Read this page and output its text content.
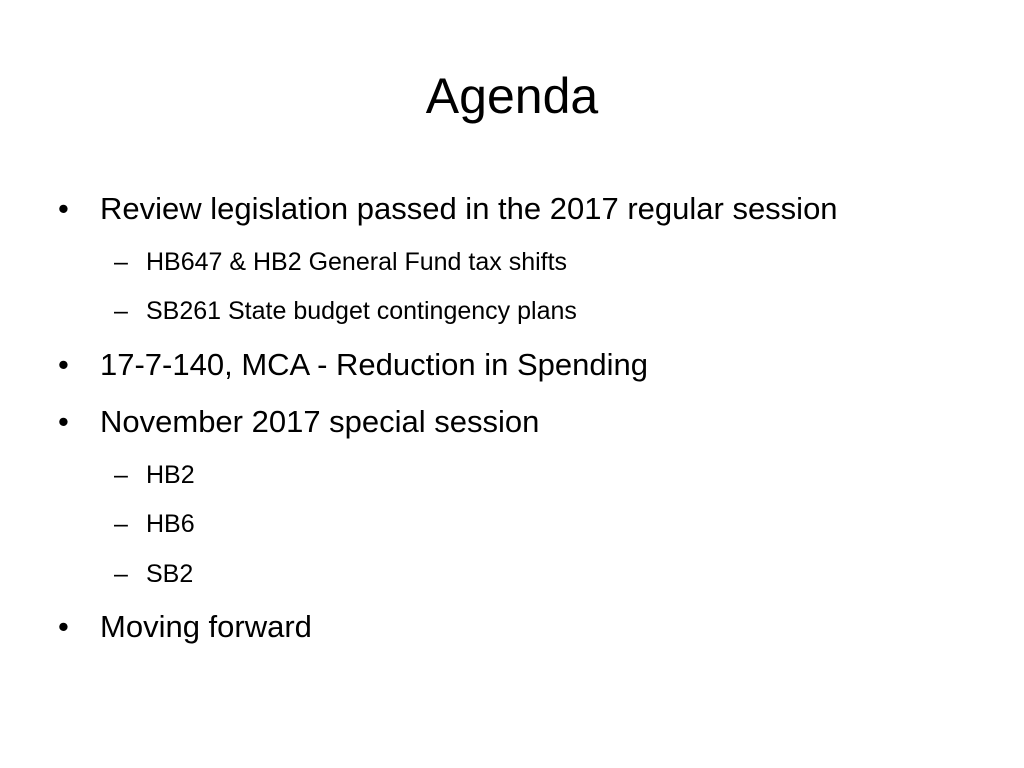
Agenda
• Review legislation passed in the 2017 regular session
– HB647 & HB2 General Fund tax shifts
– SB261 State budget contingency plans
• 17-7-140, MCA - Reduction in Spending
• November 2017 special session
– HB2
– HB6
– SB2
• Moving forward
